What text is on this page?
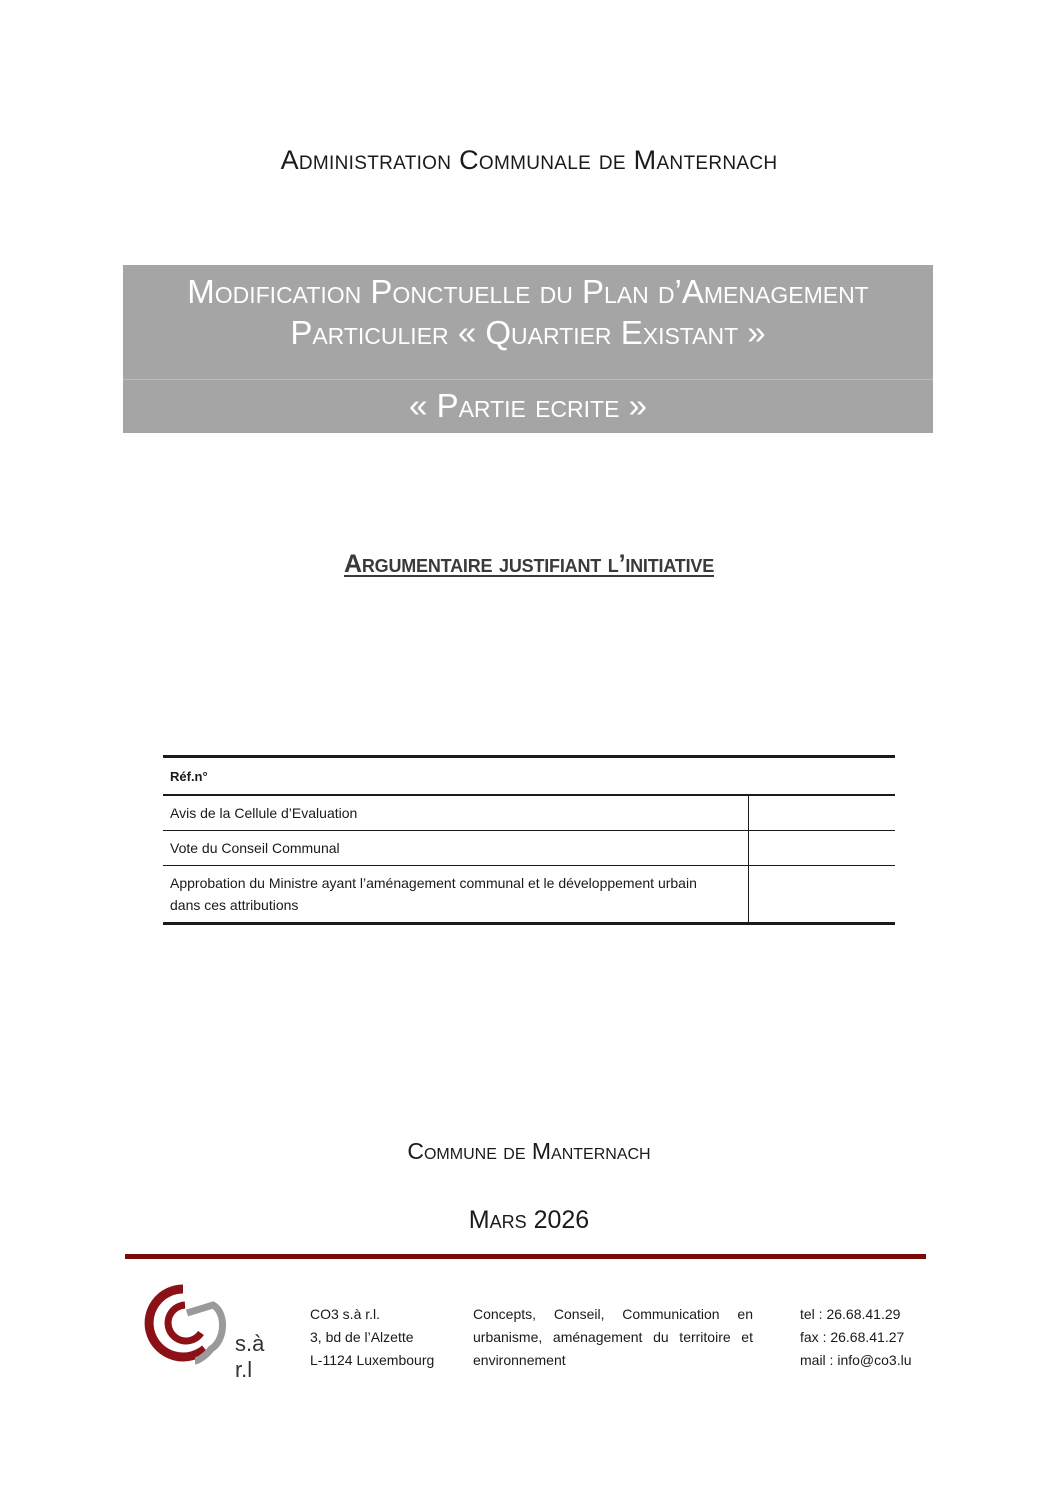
Administration Communale de Manternach
Modification Ponctuelle du Plan d’Amenagement
Particulier « Quartier Existant »
« Partie ecrite »
Argumentaire justifiant l’initiative
Réf.n°	
Avis de la Cellule d’Evaluation	
Vote du Conseil Communal	

Approbation du Ministre ayant l’aménagement communal et le développement urbain
dans ces attributions	

Commune de Manternach
Mars 2026
s.à r.l
CO3 s.à r.l.
3, bd de l’Alzette
L-1124 Luxembourg
Concepts, Conseil, Communication en urbanisme, aménagement du territoire et environnement
tel : 26.68.41.29
fax : 26.68.41.27
mail : info@co3.lu
